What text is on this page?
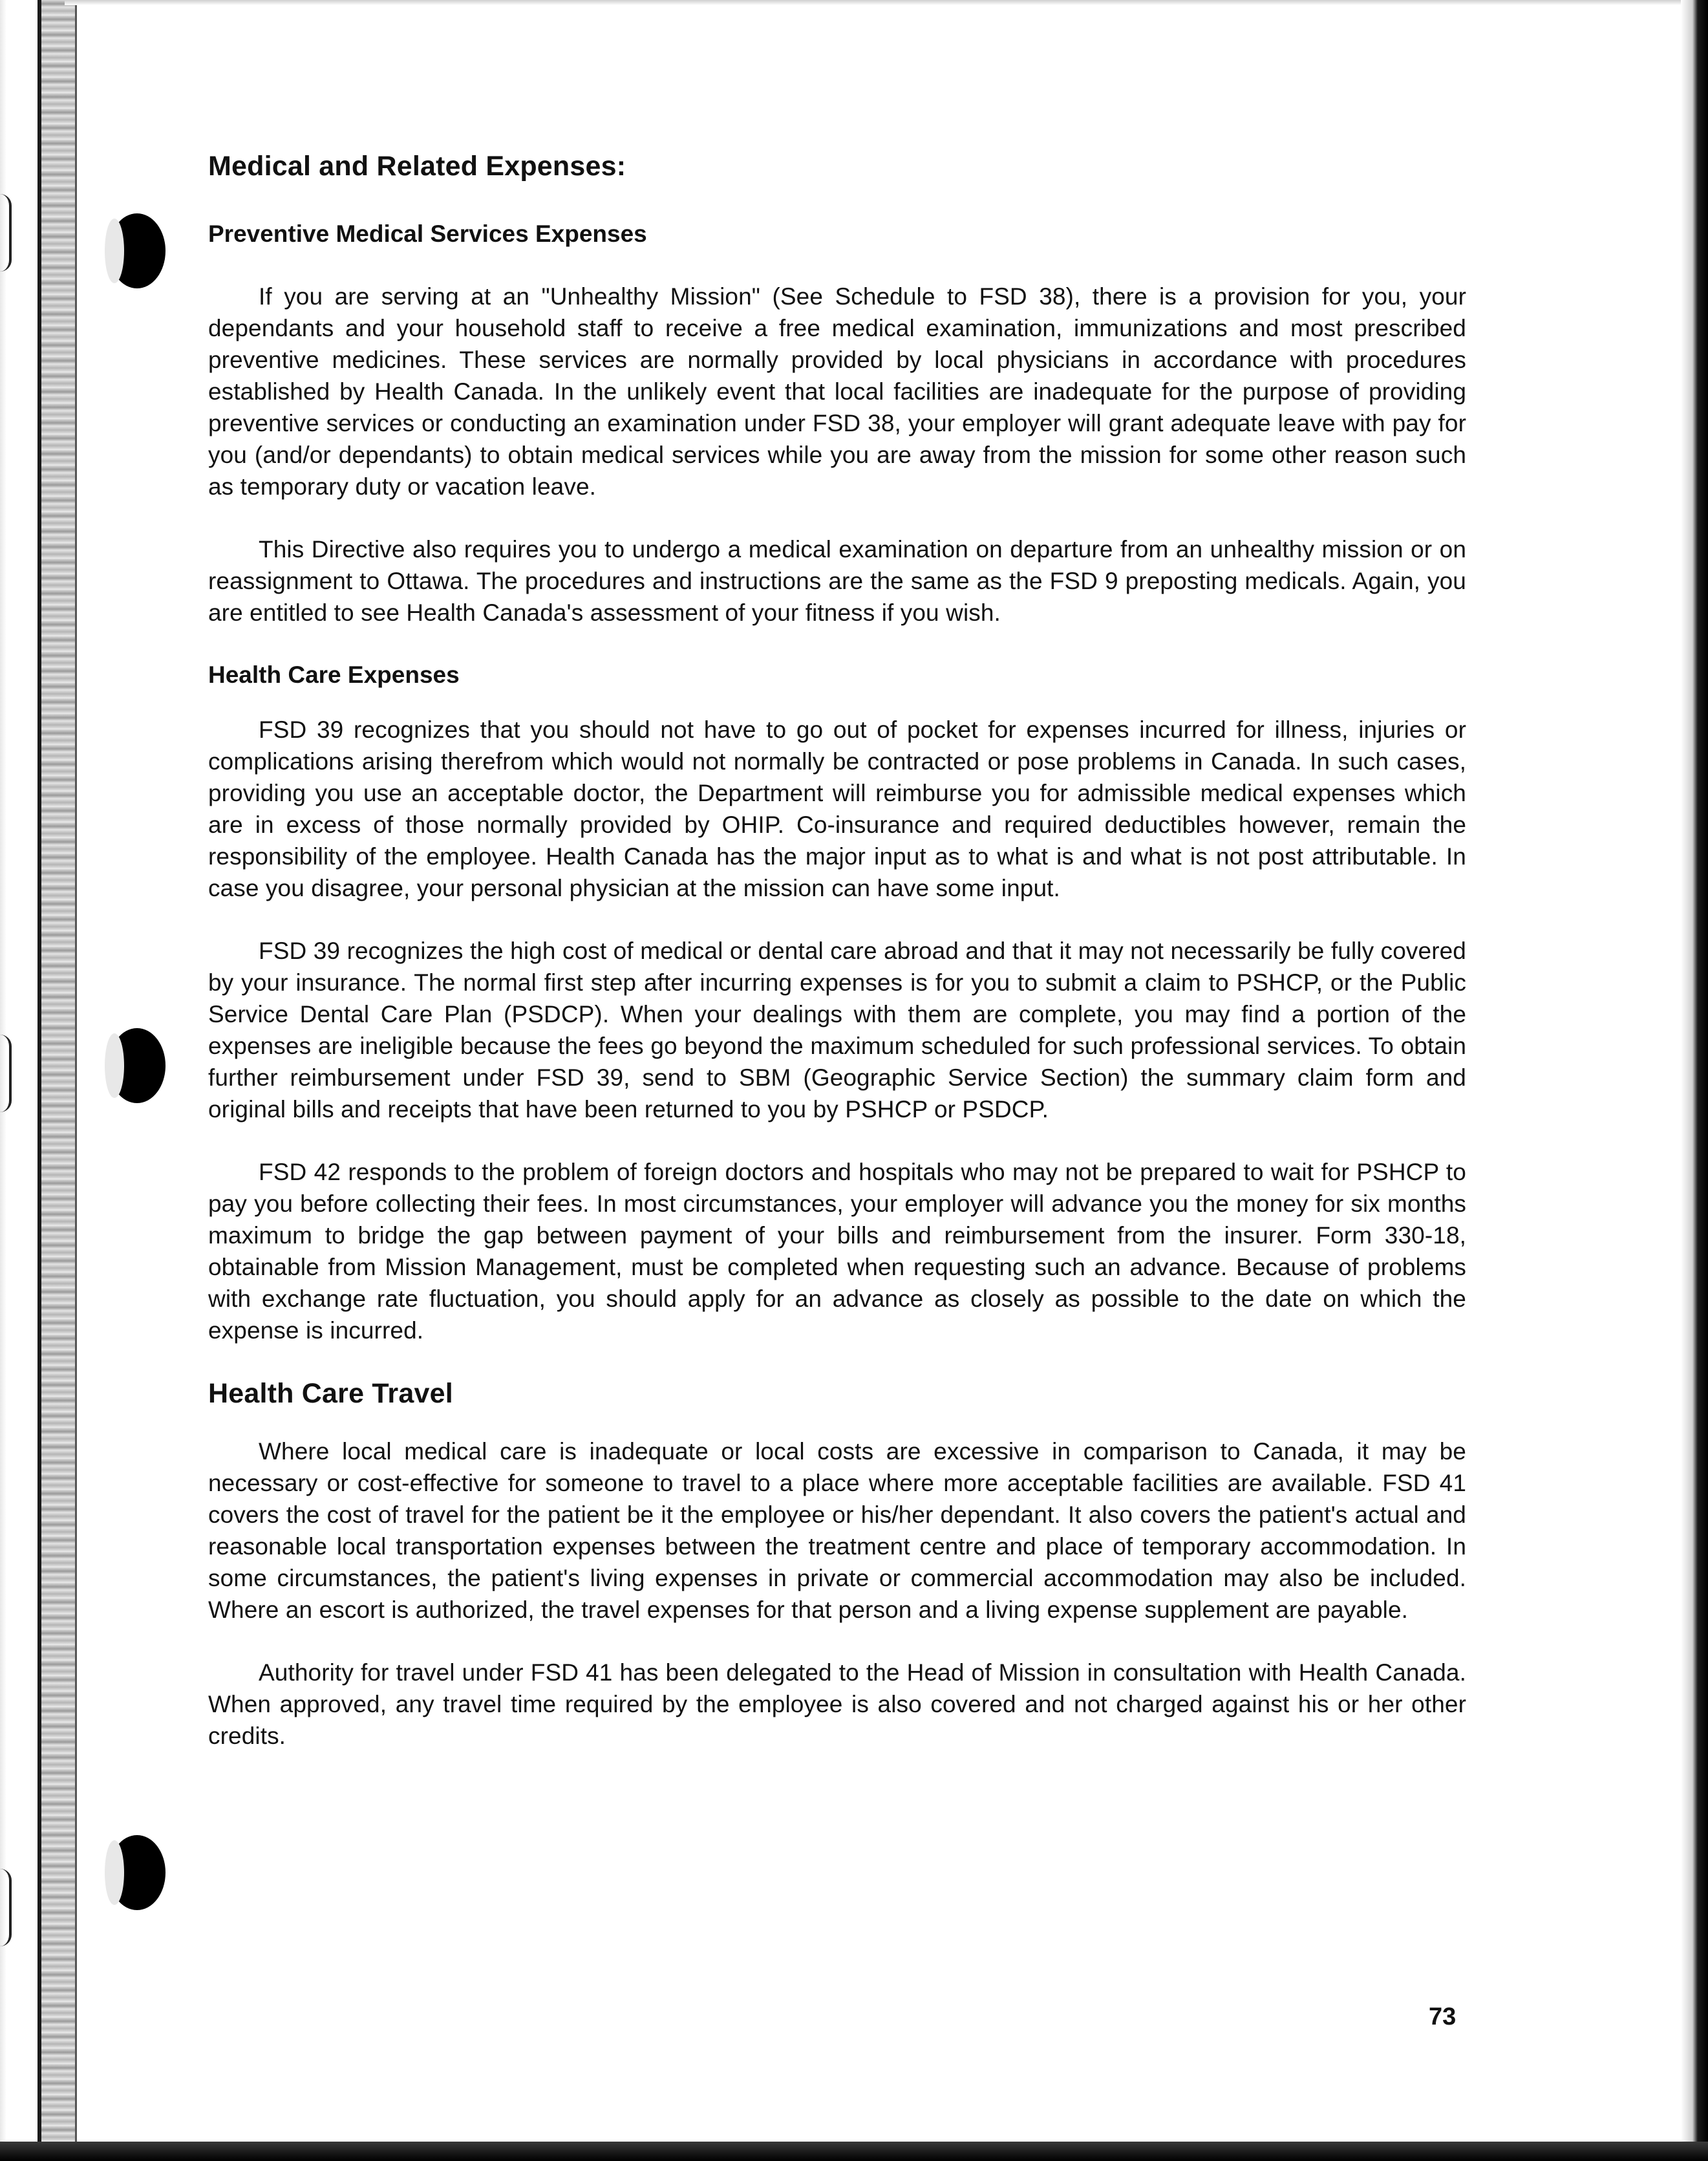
Medical and Related Expenses:
Preventive Medical Services Expenses

If you are serving at an "Unhealthy Mission" (See Schedule to FSD 38), there is a provision for you, your dependants and your household staff to receive a free medical examination, immunizations and most prescribed preventive medicines. These services are normally provided by local physicians in accordance with procedures established by Health Canada. In the unlikely event that local facilities are inadequate for the purpose of providing preventive services or conducting an examination under FSD 38, your employer will grant adequate leave with pay for you (and/or dependants) to obtain medical services while you are away from the mission for some other reason such as temporary duty or vacation leave.

This Directive also requires you to undergo a medical examination on departure from an unhealthy mission or on reassignment to Ottawa. The procedures and instructions are the same as the FSD 9 preposting medicals. Again, you are entitled to see Health Canada's assessment of your fitness if you wish.

Health Care Expenses

FSD 39 recognizes that you should not have to go out of pocket for expenses incurred for illness, injuries or complications arising therefrom which would not normally be contracted or pose problems in Canada. In such cases, providing you use an acceptable doctor, the Department will reimburse you for admissible medical expenses which are in excess of those normally provided by OHIP. Co-insurance and required deductibles however, remain the responsibility of the employee. Health Canada has the major input as to what is and what is not post attributable. In case you disagree, your personal physician at the mission can have some input.

FSD 39 recognizes the high cost of medical or dental care abroad and that it may not necessarily be fully covered by your insurance. The normal first step after incurring expenses is for you to submit a claim to PSHCP, or the Public Service Dental Care Plan (PSDCP). When your dealings with them are complete, you may find a portion of the expenses are ineligible because the fees go beyond the maximum scheduled for such professional services. To obtain further reimbursement under FSD 39, send to SBM (Geographic Service Section) the summary claim form and original bills and receipts that have been returned to you by PSHCP or PSDCP.

FSD 42 responds to the problem of foreign doctors and hospitals who may not be prepared to wait for PSHCP to pay you before collecting their fees. In most circumstances, your employer will advance you the money for six months maximum to bridge the gap between payment of your bills and reimbursement from the insurer. Form 330-18, obtainable from Mission Management, must be completed when requesting such an advance. Because of problems with exchange rate fluctuation, you should apply for an advance as closely as possible to the date on which the expense is incurred.

Health Care Travel

Where local medical care is inadequate or local costs are excessive in comparison to Canada, it may be necessary or cost-effective for someone to travel to a place where more acceptable facilities are available. FSD 41 covers the cost of travel for the patient be it the employee or his/her dependant. It also covers the patient's actual and reasonable local transportation expenses between the treatment centre and place of temporary accommodation. In some circumstances, the patient's living expenses in private or commercial accommodation may also be included. Where an escort is authorized, the travel expenses for that person and a living expense supplement are payable.

Authority for travel under FSD 41 has been delegated to the Head of Mission in consultation with Health Canada. When approved, any travel time required by the employee is also covered and not charged against his or her other credits.

73
